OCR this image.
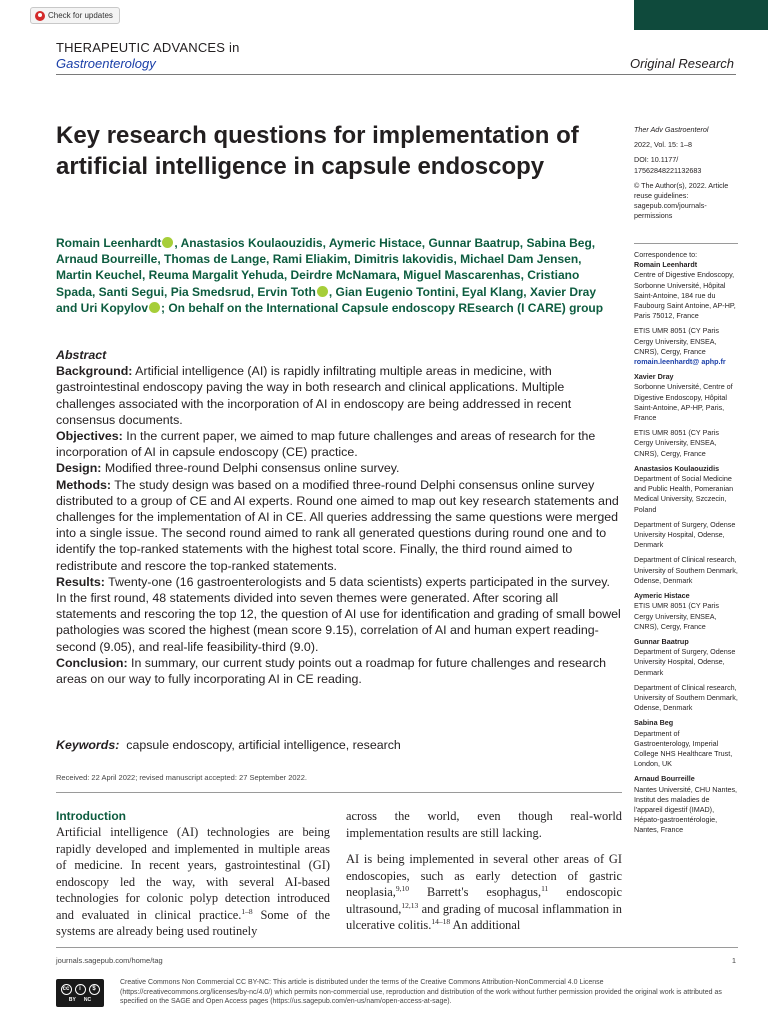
Check for updates
THERAPEUTIC ADVANCES in
Gastroenterology	Original Research
Key research questions for implementation of artificial intelligence in capsule endoscopy
Romain Leenhardt , Anastasios Koulaouzidis, Aymeric Histace, Gunnar Baatrup, Sabina Beg, Arnaud Bourreille, Thomas de Lange, Rami Eliakim, Dimitris Iakovidis, Michael Dam Jensen, Martin Keuchel, Reuma Margalit Yehuda, Deirdre McNamara, Miguel Mascarenhas, Cristiano Spada, Santi Segui, Pia Smedsrud, Ervin Toth , Gian Eugenio Tontini, Eyal Klang, Xavier Dray and Uri Kopylov ; On behalf on the International Capsule endoscopy REsearch (I CARE) group
Abstract

Background: Artificial intelligence (AI) is rapidly infiltrating multiple areas in medicine, with gastrointestinal endoscopy paving the way in both research and clinical applications. Multiple challenges associated with the incorporation of AI in endoscopy are being addressed in recent consensus documents.

Objectives: In the current paper, we aimed to map future challenges and areas of research for the incorporation of AI in capsule endoscopy (CE) practice.

Design: Modified three-round Delphi consensus online survey.

Methods: The study design was based on a modified three-round Delphi consensus online survey distributed to a group of CE and AI experts. Round one aimed to map out key research statements and challenges for the implementation of AI in CE. All queries addressing the same questions were merged into a single issue. The second round aimed to rank all generated questions during round one and to identify the top-ranked statements with the highest total score. Finally, the third round aimed to redistribute and rescore the top-ranked statements.

Results: Twenty-one (16 gastroenterologists and 5 data scientists) experts participated in the survey. In the first round, 48 statements divided into seven themes were generated. After scoring all statements and rescoring the top 12, the question of AI use for identification and grading of small bowel pathologies was scored the highest (mean score 9.15), correlation of AI and human expert reading-second (9.05), and real-life feasibility-third (9.0).

Conclusion: In summary, our current study points out a roadmap for future challenges and research areas on our way to fully incorporating AI in CE reading.

Keywords: capsule endoscopy, artificial intelligence, research
Received: 22 April 2022; revised manuscript accepted: 27 September 2022.
Introduction
Artificial intelligence (AI) technologies are being rapidly developed and implemented in multiple areas of medicine. In recent years, gastrointestinal (GI) endoscopy led the way, with several AI-based technologies for colonic polyp detection introduced and evaluated in clinical practice.$^{1-8}$ Some of the systems are already being used routinely

across the world, even though real-world implementation results are still lacking.

AI is being implemented in several other areas of GI endoscopies, such as early detection of gastric neoplasia,$^{9,10}$ Barrett's esophagus,$^{11}$ endoscopic ultrasound,$^{12,13}$ and grading of mucosal inflammation in ulcerative colitis.$^{14-18}$ An additional

Ther Adv Gastroenterol

2022, Vol. 15: 1–8

DOI: 10.1177/ 17562848221132683

© The Author(s), 2022. Article reuse guidelines: sagepub.com/journals-permissions

Correspondence to:
Romain Leenhardt

Centre of Digestive Endoscopy, Sorbonne Université, Hôpital Saint-Antoine, 184 rue du Faubourg Saint Antoine, AP-HP, Paris 75012, France

ETIS UMR 8051 (CY Paris Cergy University, ENSEA, CNRS), Cergy, France

romain.leenhardt@ aphp.fr

Xavier Dray

Sorbonne Université, Centre of Digestive Endoscopy, Hôpital Saint-Antoine, AP-HP, Paris, France

ETIS UMR 8051 (CY Paris Cergy University, ENSEA, CNRS), Cergy, France

Anastasios Koulaouzidis

Department of Social Medicine and Public Health, Pomeranian Medical University, Szczecin, Poland

Department of Surgery, Odense University Hospital, Odense, Denmark

Department of Clinical research, University of Southern Denmark, Odense, Denmark

Aymeric Histace

ETIS UMR 8051 (CY Paris Cergy University, ENSEA, CNRS), Cergy, France

Gunnar Baatrup

Department of Surgery, Odense University Hospital, Odense, Denmark

Department of Clinical research, University of Southern Denmark, Odense, Denmark

Sabina Beg

Department of Gastroenterology, Imperial College NHS Healthcare Trust, London, UK

Arnaud Bourreille

Nantes Université, CHU Nantes, Institut des maladies de l'appareil digestif (IMAD), Hépato-gastroentérologie, Nantes, France

journals.sagepub.com/home/tag	1
cc	i	$
BY NC
Creative Commons Non Commercial CC BY-NC: This article is distributed under the terms of the Creative Commons Attribution-NonCommercial 4.0 License (https://creativecommons.org/licenses/by-nc/4.0/) which permits non-commercial use, reproduction and distribution of the work without further permission provided the original work is attributed as specified on the SAGE and Open Access pages (https://us.sagepub.com/en-us/nam/open-access-at-sage).
